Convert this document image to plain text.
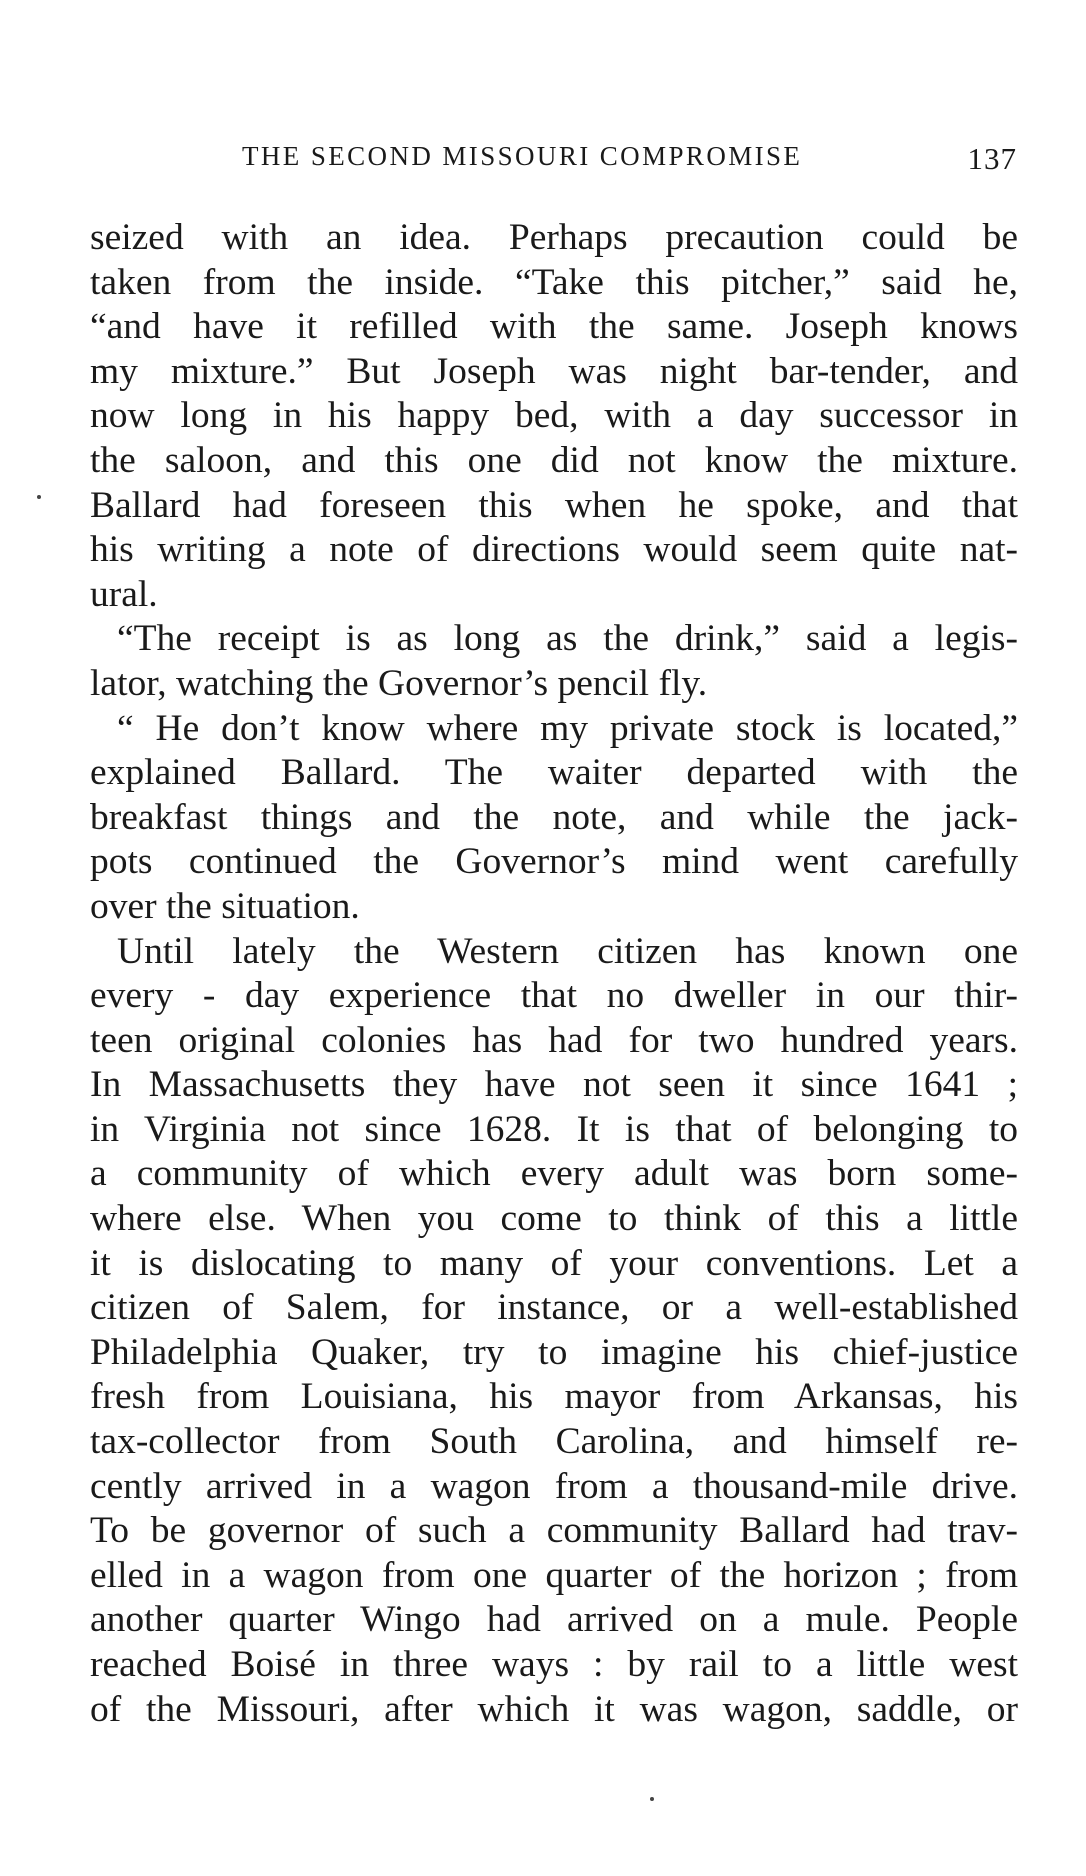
THE SECOND MISSOURI COMPROMISE	137
seized with an idea. Perhaps precaution could be
taken from the inside. “Take this pitcher,” said he,
“and have it refilled with the same. Joseph knows
my mixture.” But Joseph was night bar-tender, and
now long in his happy bed, with a day successor in
the saloon, and this one did not know the mixture.
Ballard had foreseen this when he spoke, and that
his writing a note of directions would seem quite nat-
ural.
“The receipt is as long as the drink,” said a legis-
lator, watching the Governor’s pencil fly.
“ He don’t know where my private stock is located,”
explained Ballard. The waiter departed with the
breakfast things and the note, and while the jack-
pots continued the Governor’s mind went carefully
over the situation.
Until lately the Western citizen has known one
every - day experience that no dweller in our thir-
teen original colonies has had for two hundred years.
In Massachusetts they have not seen it since 1641 ;
in Virginia not since 1628. It is that of belonging to
a community of which every adult was born some-
where else. When you come to think of this a little
it is dislocating to many of your conventions. Let a
citizen of Salem, for instance, or a well-established
Philadelphia Quaker, try to imagine his chief-justice
fresh from Louisiana, his mayor from Arkansas, his
tax-collector from South Carolina, and himself re-
cently arrived in a wagon from a thousand-mile drive.
To be governor of such a community Ballard had trav-
elled in a wagon from one quarter of the horizon ; from
another quarter Wingo had arrived on a mule. People
reached Boisé in three ways : by rail to a little west
of the Missouri, after which it was wagon, saddle, or
